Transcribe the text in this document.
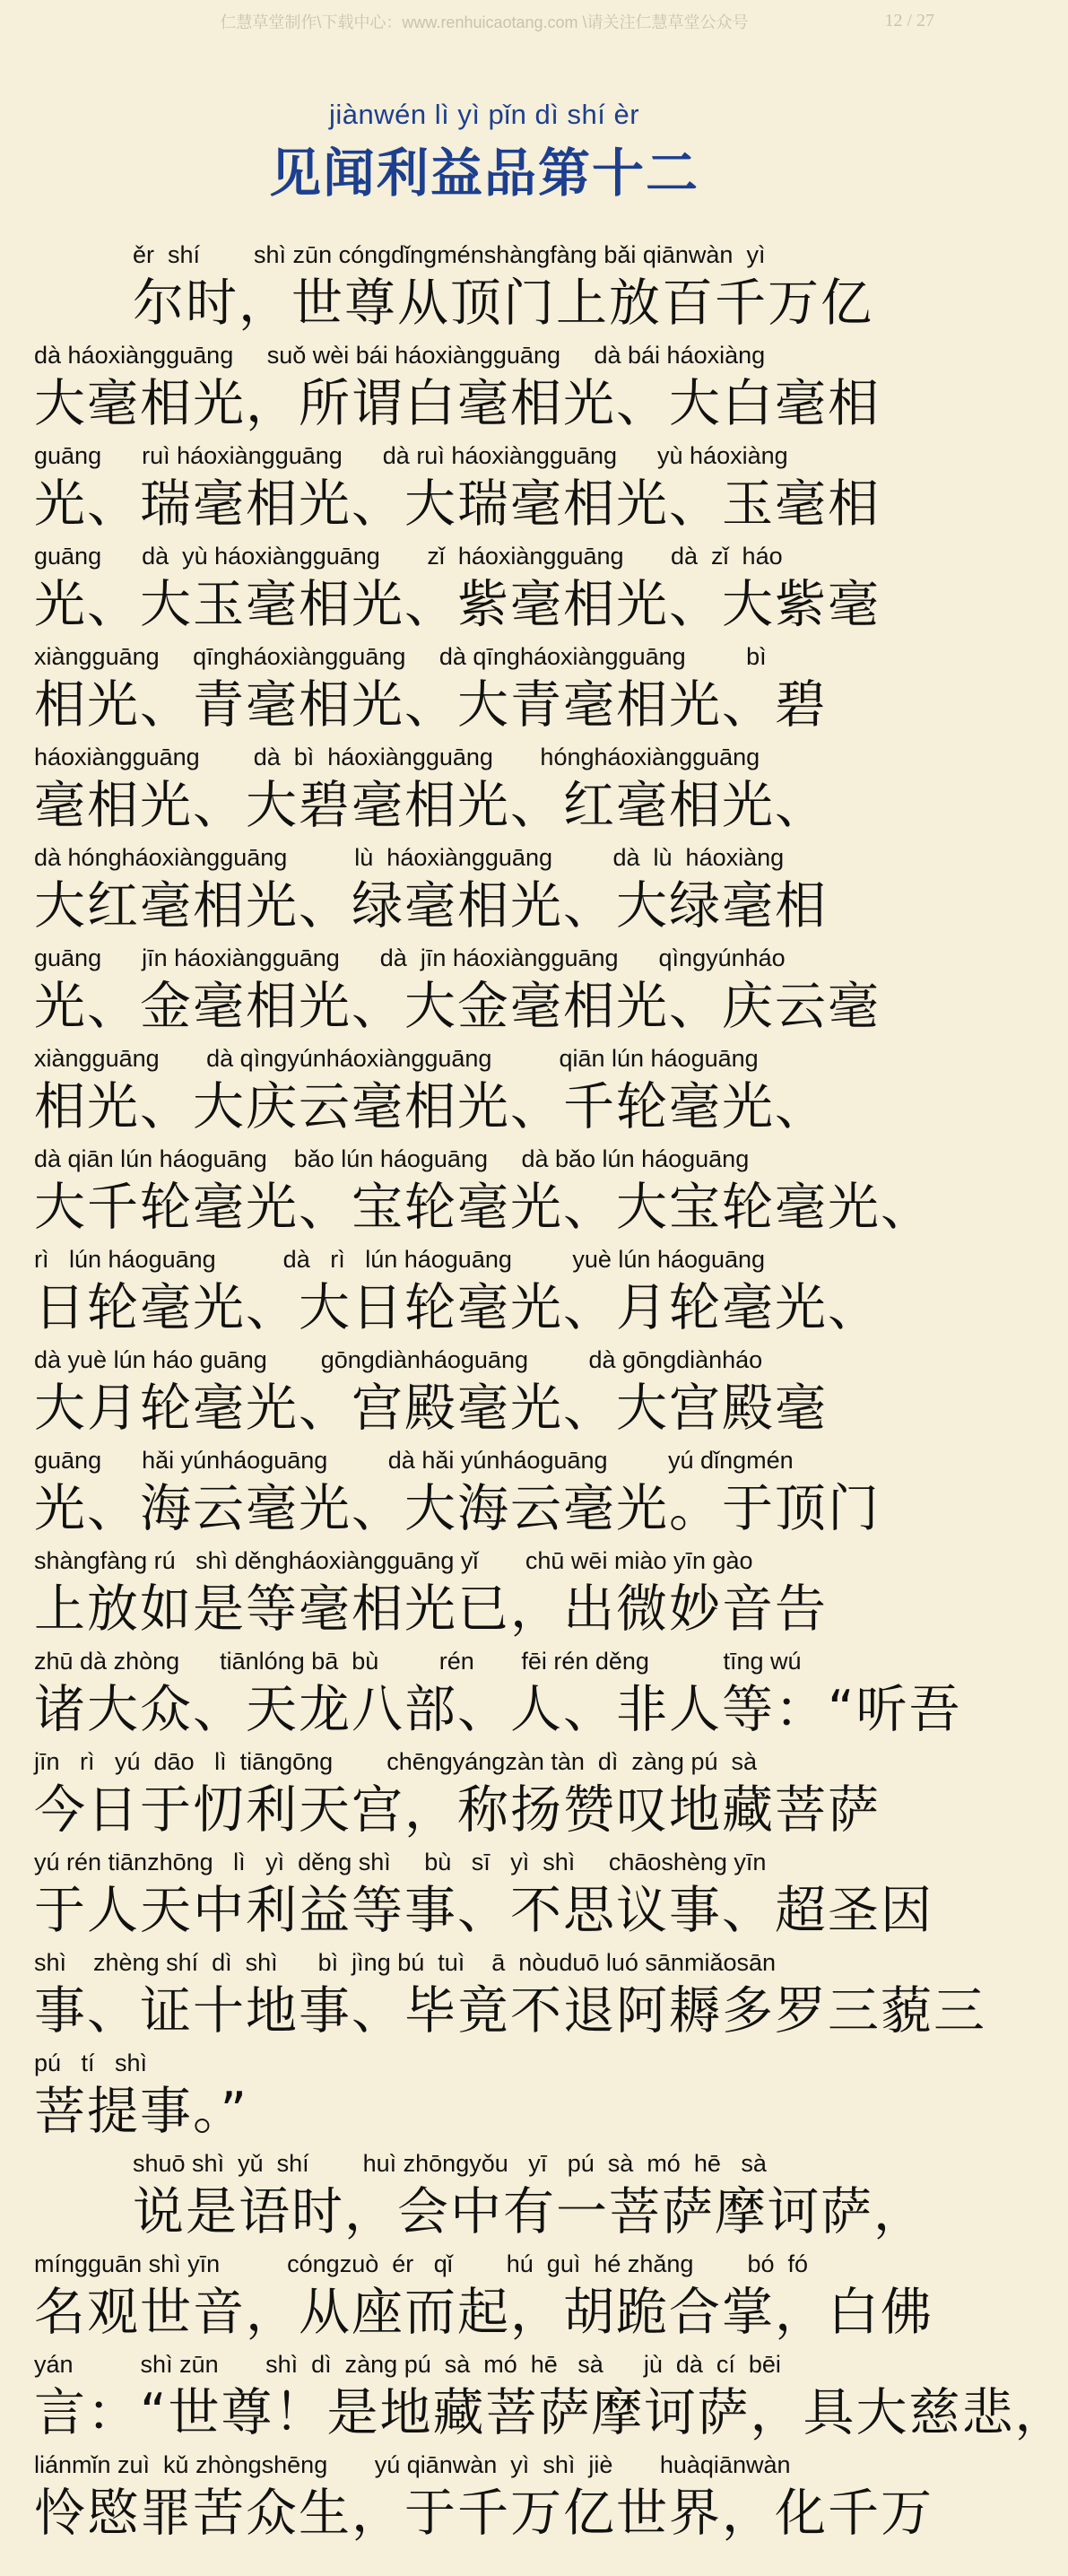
仁慧草堂制作\下载中心：www.renhuicaotang.com \请关注仁慧草堂公众号	12 / 27
jiànwén lì yì pǐn dì shí èr
见闻利益品第十二
ěr  shí        shì zūn cóngdǐngménshàngfàng bǎi qiānwàn  yì
尔时，世尊从顶门上放百千万亿
dà háoxiàngguāng     suǒ wèi bái háoxiàngguāng     dà bái háoxiàng
大毫相光，所谓白毫相光、大白毫相
guāng      ruì háoxiàngguāng      dà ruì háoxiàngguāng      yù háoxiàng
光、瑞毫相光、大瑞毫相光、玉毫相
guāng      dà  yù háoxiàngguāng       zǐ  háoxiàngguāng       dà  zǐ  háo
光、大玉毫相光、紫毫相光、大紫毫
xiàngguāng     qīngháoxiàngguāng     dà qīngháoxiàngguāng         bì
相光、青毫相光、大青毫相光、碧
háoxiàngguāng        dà  bì  háoxiàngguāng       hóngháoxiàngguāng
毫相光、大碧毫相光、红毫相光、
dà hóngháoxiàngguāng          lù  háoxiàngguāng         dà  lù  háoxiàng
大红毫相光、绿毫相光、大绿毫相
guāng      jīn háoxiàngguāng      dà  jīn háoxiàngguāng      qìngyúnháo
光、金毫相光、大金毫相光、庆云毫
xiàngguāng       dà qìngyúnháoxiàngguāng          qiān lún háoguāng
相光、大庆云毫相光、千轮毫光、
dà qiān lún háoguāng    bǎo lún háoguāng     dà bǎo lún háoguāng
大千轮毫光、宝轮毫光、大宝轮毫光、
rì   lún háoguāng          dà   rì   lún háoguāng         yuè lún háoguāng
日轮毫光、大日轮毫光、月轮毫光、
dà yuè lún háo guāng        gōngdiànháoguāng         dà gōngdiànháo
大月轮毫光、宫殿毫光、大宫殿毫
guāng      hǎi yúnháoguāng         dà hǎi yúnháoguāng         yú dǐngmén
光、海云毫光、大海云毫光。于顶门
shàngfàng rú   shì děngháoxiàngguāng yǐ       chū wēi miào yīn gào
上放如是等毫相光已，出微妙音告
zhū dà zhòng      tiānlóng bā  bù         rén       fēi rén děng           tīng wú
诸大众、天龙八部、人、非人等：“听吾
jīn   rì   yú  dāo   lì  tiāngōng        chēngyángzàn tàn  dì  zàng pú  sà
今日于忉利天宫，称扬赞叹地藏菩萨
yú rén tiānzhōng   lì   yì  děng shì     bù   sī   yì  shì     chāoshèng yīn
于人天中利益等事、不思议事、超圣因
shì    zhèng shí  dì  shì      bì  jìng bú  tuì    ā  nòuduō luó sānmiǎosān
事、证十地事、毕竟不退阿耨多罗三藐三
pú   tí   shì
菩提事。”
shuō shì  yǔ  shí        huì zhōngyǒu   yī   pú  sà  mó  hē   sà
说是语时，会中有一菩萨摩诃萨，
míngguān shì yīn          cóngzuò  ér   qǐ        hú  guì  hé zhǎng        bó  fó
名观世音，从座而起，胡跪合掌，白佛
yán          shì zūn       shì  dì  zàng pú  sà  mó  hē   sà      jù  dà  cí  bēi
言：“世尊！是地藏菩萨摩诃萨，具大慈悲，
liánmǐn zuì  kǔ zhòngshēng       yú qiānwàn  yì  shì  jiè       huàqiānwàn
怜愍罪苦众生，于千万亿世界，化千万
